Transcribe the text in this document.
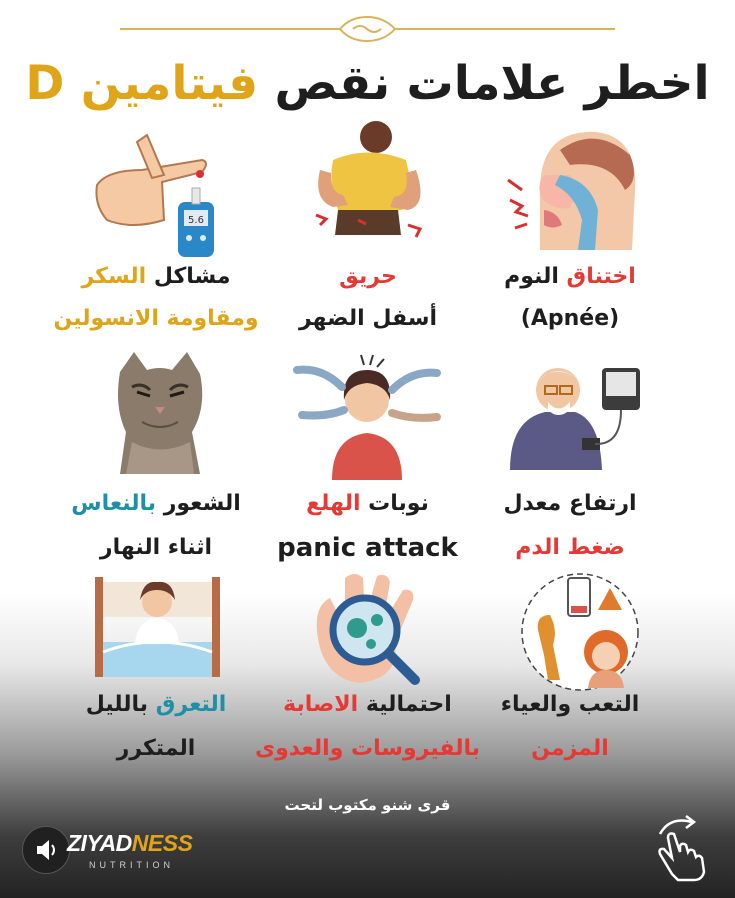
اخطر علامات نقص فيتامين D
5.6
اختناق النوم
(Apnée)
حريق
أسفل الضهر
مشاكل السكر
ومقاومة الانسولين
ارتفاع معدل
ضغط الدم
نوبات الهلع
panic attack
الشعور بالنعاس
اثناء النهار
التعب والعياء
المزمن
احتمالية الاصابة
بالفيروسات والعدوى
التعرق بالليل
المتكرر
قرى شنو مكتوب لتحت
ZIYADNESS
NUTRITION
